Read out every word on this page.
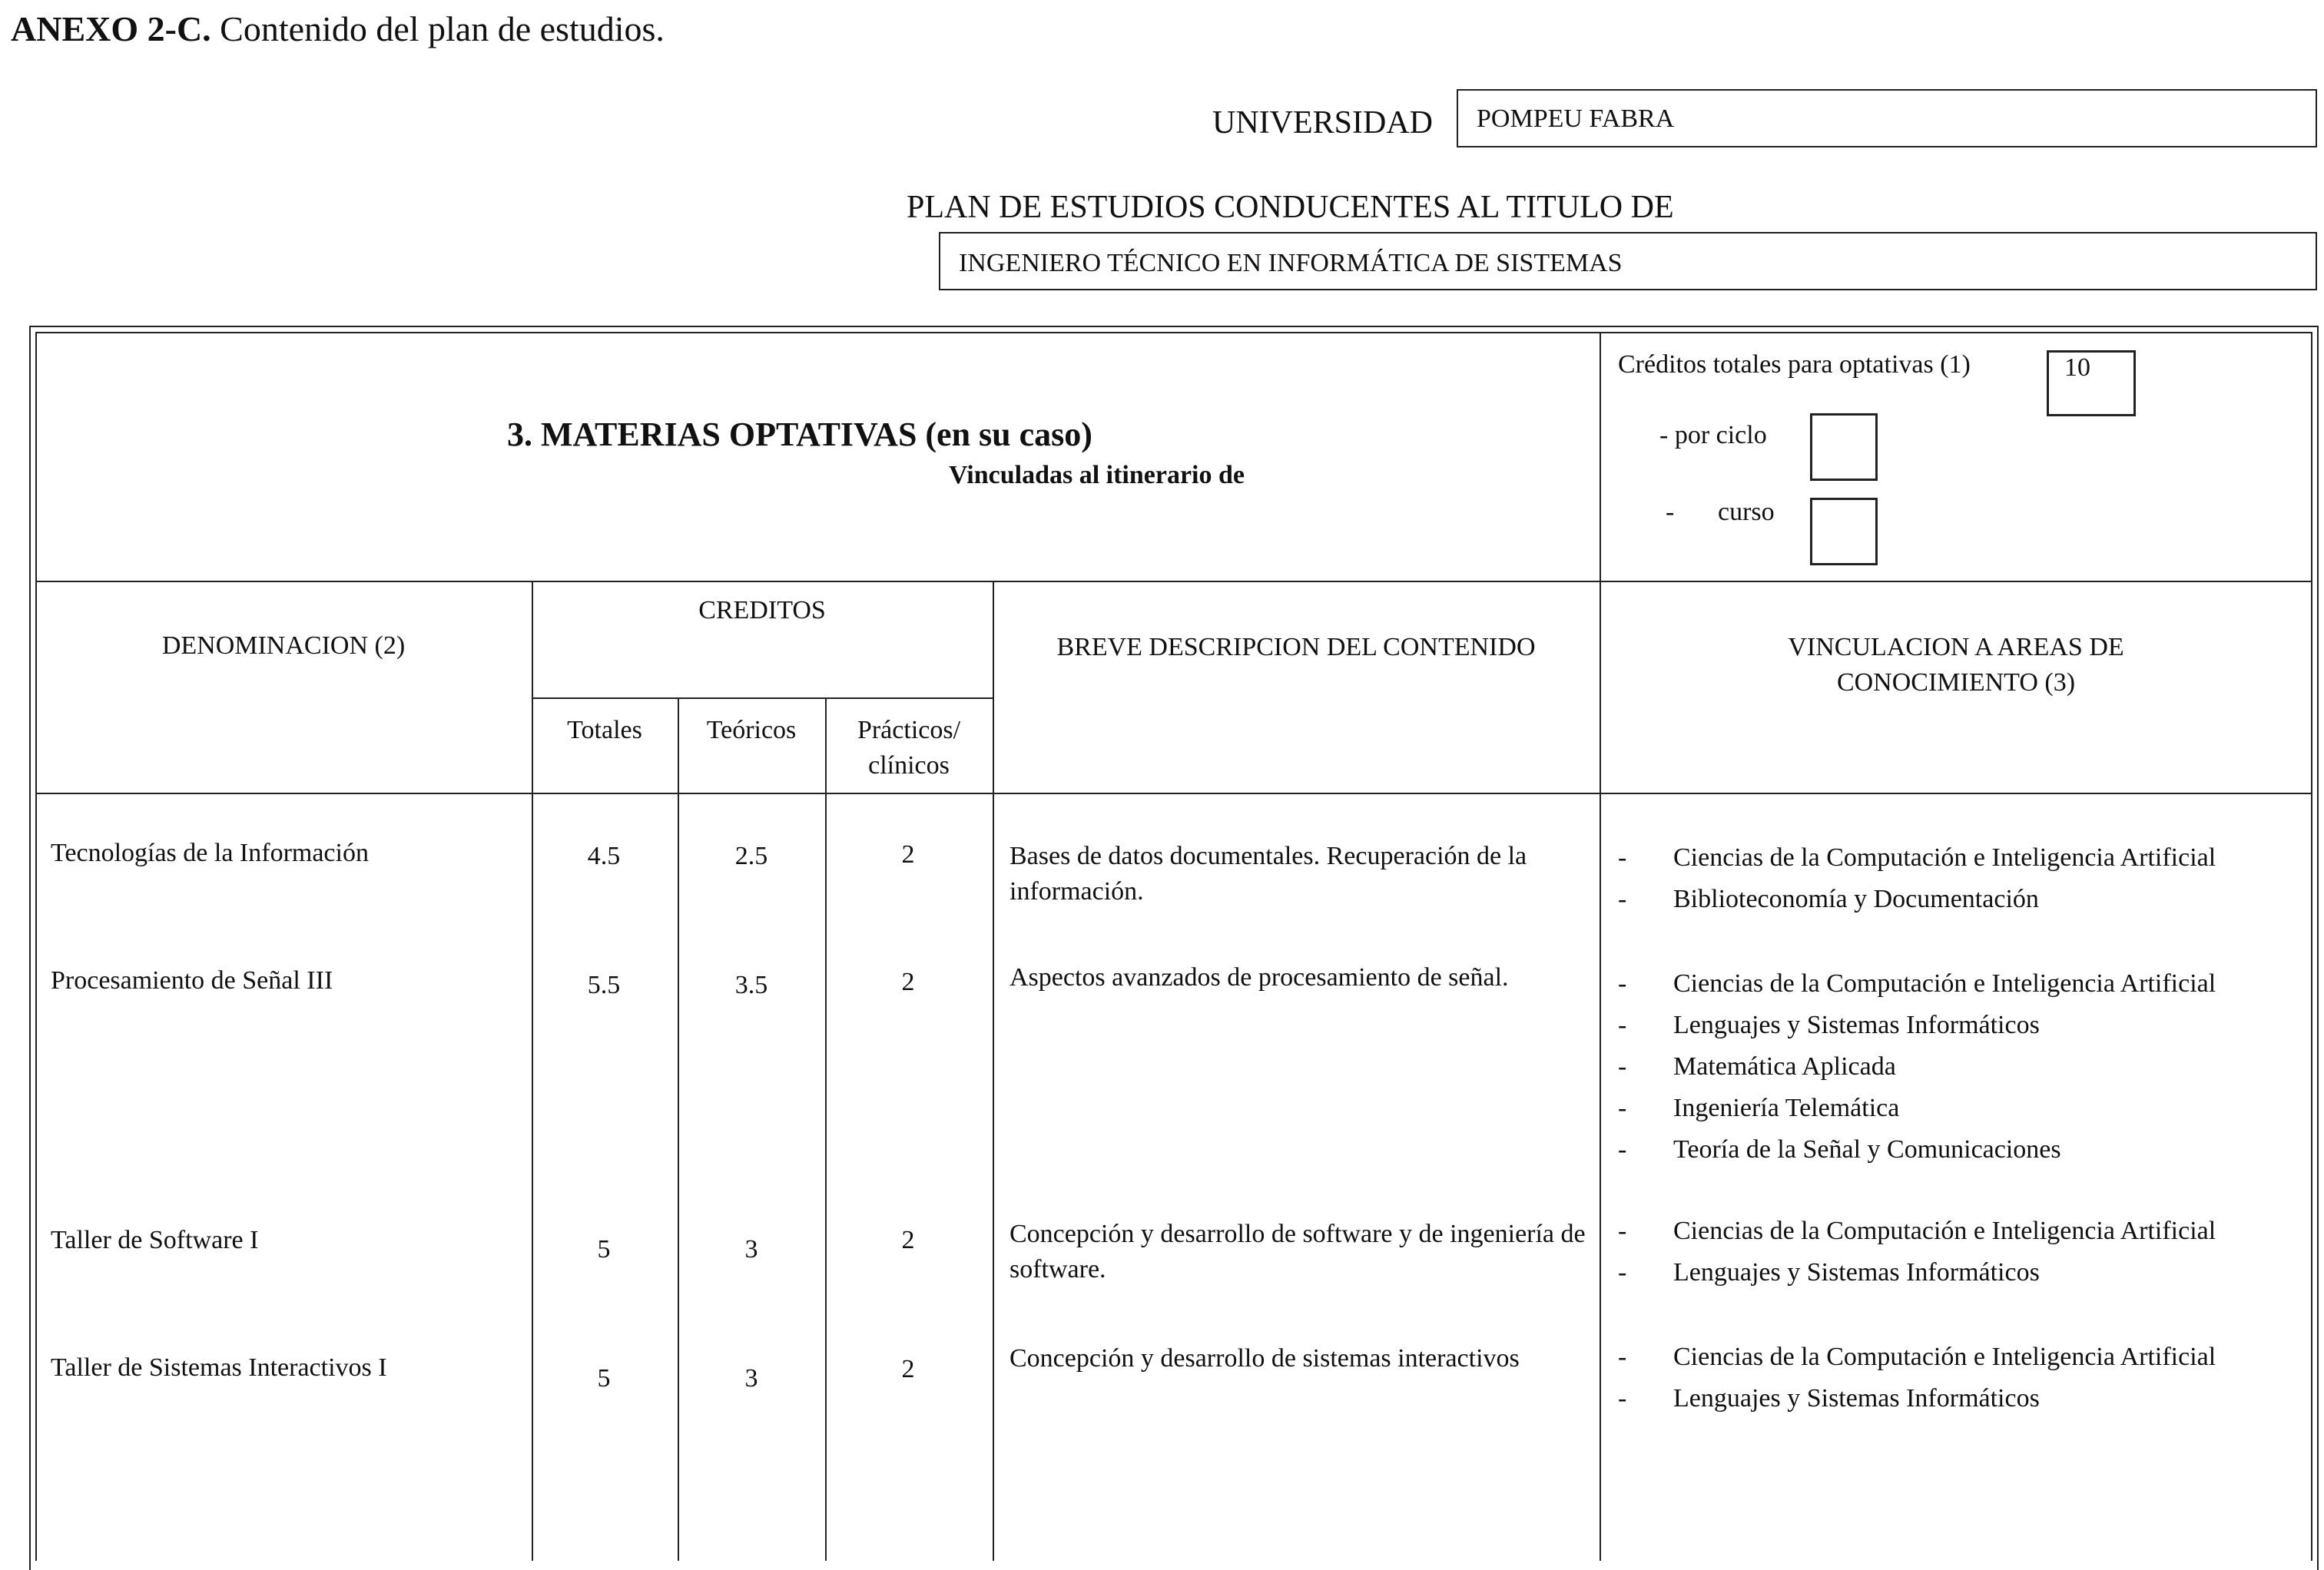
ANEXO 2-C. Contenido del plan de estudios.
UNIVERSIDAD POMPEU FABRA
PLAN DE ESTUDIOS CONDUCENTES AL TITULO DE
INGENIERO TÉCNICO EN INFORMÁTICA DE SISTEMAS
3. MATERIAS OPTATIVAS (en su caso)
Vinculadas al itinerario de
Créditos totales para optativas (1)	10
- por ciclo
- curso
DENOMINACION (2)
CREDITOS
Totales	Teóricos	Prácticos/
clínicos
BREVE DESCRIPCION DEL CONTENIDO	VINCULACION A AREAS DE
CONOCIMIENTO (3)
Tecnologías de la Información	4.5	2.5	2	Bases de datos documentales. Recuperación de la información.
- Ciencias de la Computación e Inteligencia Artificial
- Biblioteconomía y Documentación
Procesamiento de Señal III	5.5	3.5	2	Aspectos avanzados de procesamiento de señal.	- Ciencias de la Computación e Inteligencia Artificial
- Lenguajes y Sistemas Informáticos
- Matemática Aplicada
- Ingeniería Telemática
- Teoría de la Señal y Comunicaciones
Taller de Software I	5	3	2	Concepción y desarrollo de software y de ingeniería de software.
- Ciencias de la Computación e Inteligencia Artificial
- Lenguajes y Sistemas Informáticos
Taller de Sistemas Interactivos I	5	3	2	Concepción y desarrollo de sistemas interactivos	- Ciencias de la Computación e Inteligencia Artificial
- Lenguajes y Sistemas Informáticos
